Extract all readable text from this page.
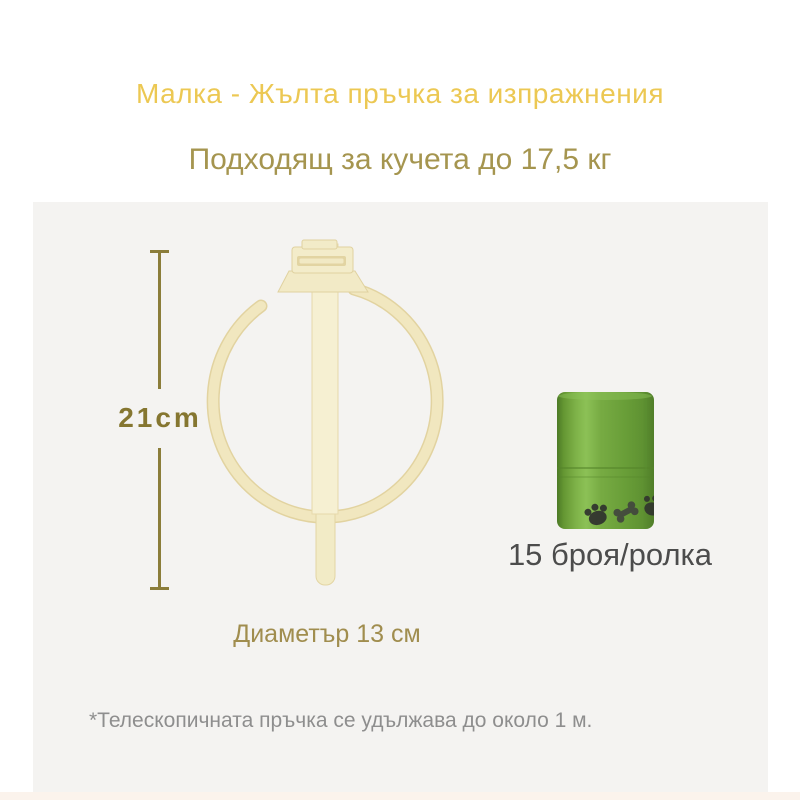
Малка - Жълта пръчка за изпражнения
Подходящ за кучета до 17,5 кг
21cm
Диаметър 13 см
15 броя/ролка
*Телескопичната пръчка се удължава до около 1 м.
